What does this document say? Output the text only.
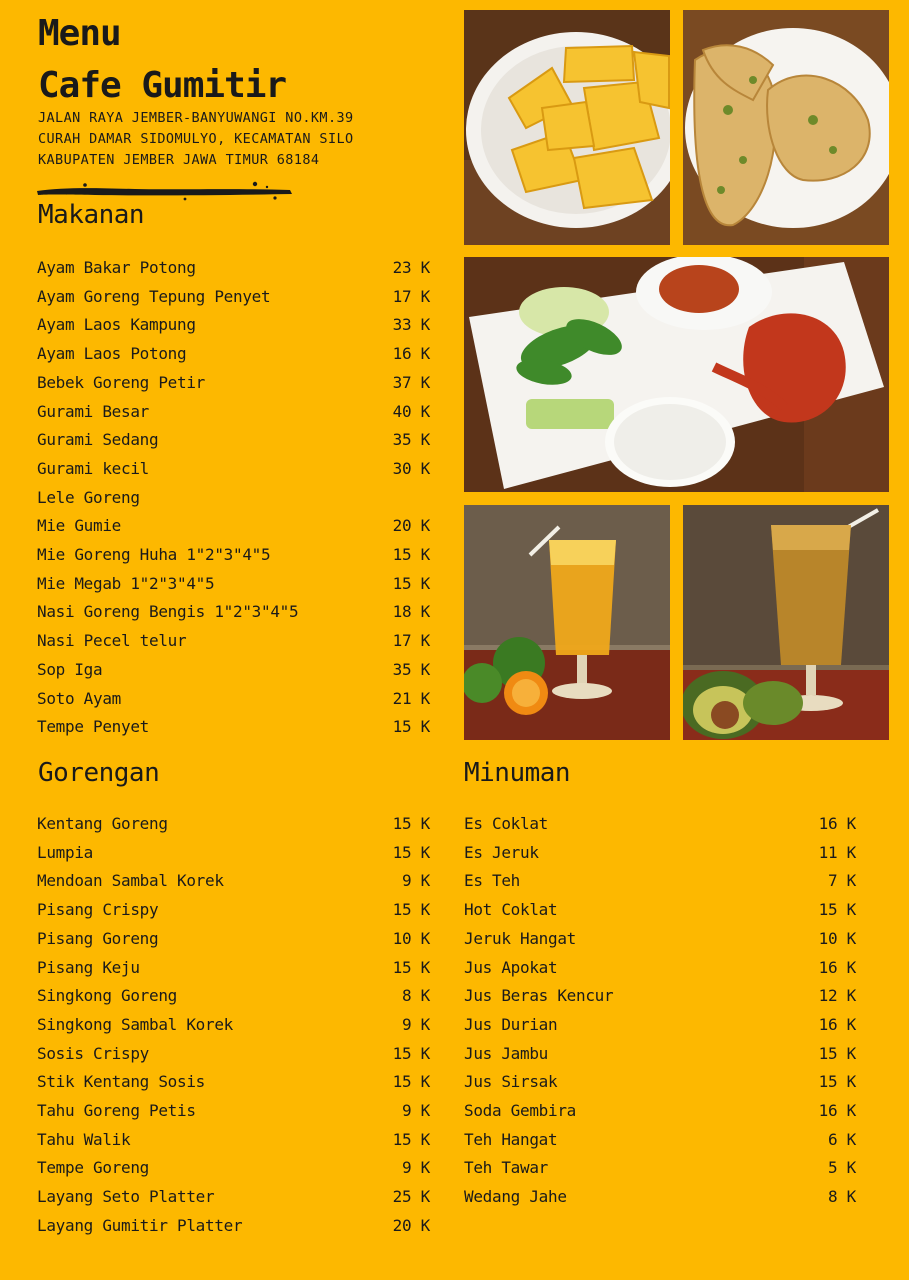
Menu
Cafe Gumitir
JALAN RAYA JEMBER-BANYUWANGI NO.KM.39
CURAH DAMAR SIDOMULYO, KECAMATAN SILO
KABUPATEN JEMBER JAWA TIMUR 68184
Makanan
Ayam Bakar Potong	23 K
Ayam Goreng Tepung Penyet	17 K
Ayam Laos Kampung	33 K
Ayam Laos Potong	16 K
Bebek Goreng Petir	37 K
Gurami Besar	40 K
Gurami Sedang	35 K
Gurami kecil	30 K
Lele Goreng
Mie Gumie	20 K
Mie Goreng Huha 1"2"3"4"5	15 K
Mie Megab 1"2"3"4"5	15 K
Nasi Goreng Bengis 1"2"3"4"5	18 K
Nasi Pecel telur	17 K
Sop Iga	35 K
Soto Ayam	21 K
Tempe Penyet	15 K
Gorengan
Kentang Goreng	15 K
Lumpia	15 K
Mendoan Sambal Korek	9 K
Pisang Crispy	15 K
Pisang Goreng	10 K
Pisang Keju	15 K
Singkong Goreng	8 K
Singkong Sambal Korek	9 K
Sosis Crispy	15 K
Stik Kentang Sosis	15 K
Tahu Goreng Petis	9 K
Tahu Walik	15 K
Tempe Goreng	9 K
Layang Seto Platter	25 K
Layang Gumitir Platter	20 K
Minuman
Es Coklat	16 K
Es Jeruk	11 K
Es Teh	7 K
Hot Coklat	15 K
Jeruk Hangat	10 K
Jus Apokat	16 K
Jus Beras Kencur	12 K
Jus Durian	16 K
Jus Jambu	15 K
Jus Sirsak	15 K
Soda Gembira	16 K
Teh Hangat	6 K
Teh Tawar	5 K
Wedang Jahe	8 K
